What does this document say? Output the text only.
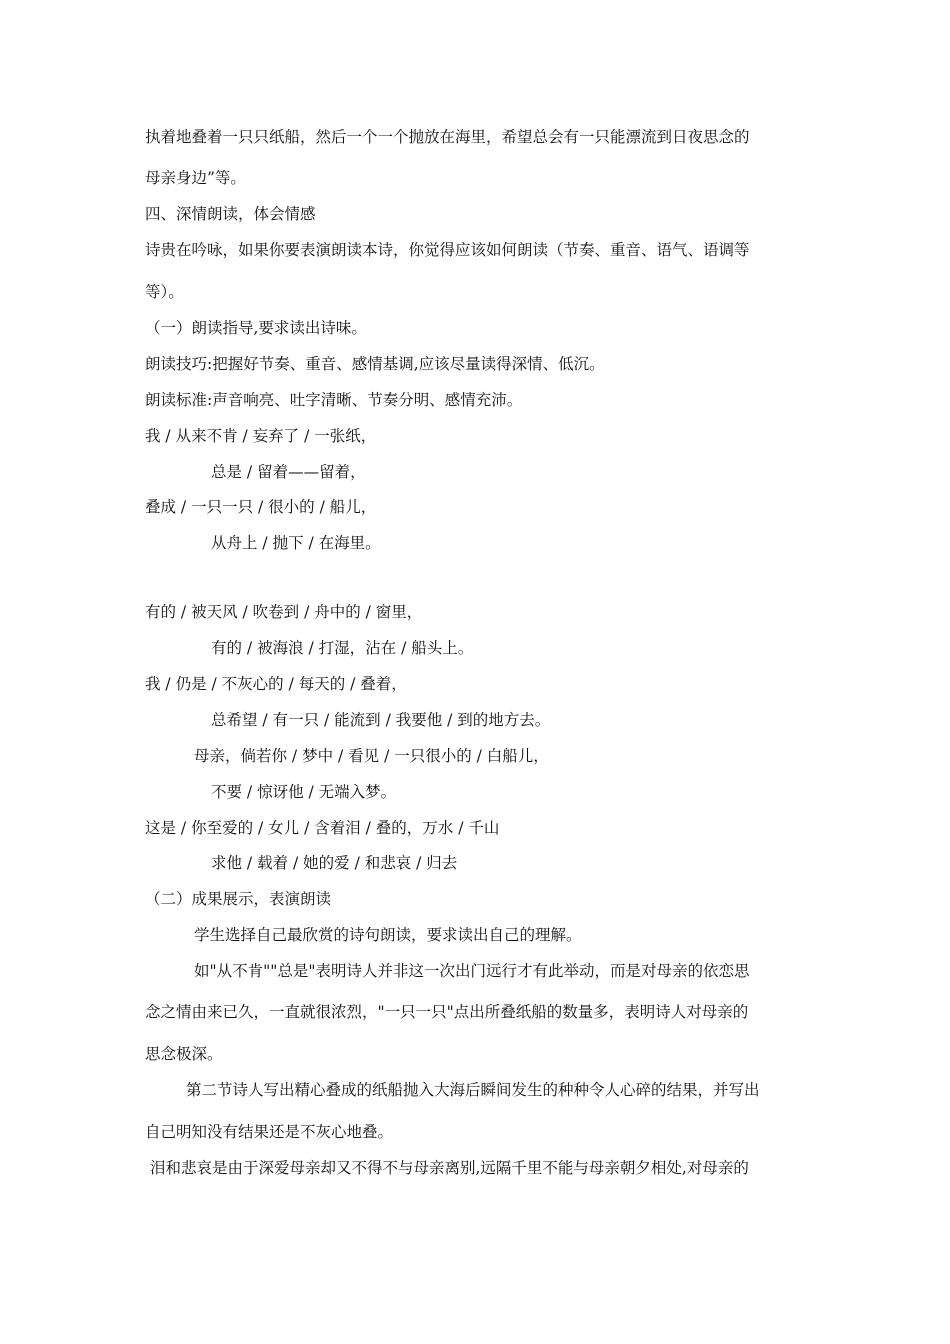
执着地叠着一只只纸船，然后一个一个抛放在海里，希望总会有一只能漂流到日夜思念的
母亲身边”等。
四、深情朗读，体会情感
诗贵在吟咏，如果你要表演朗读本诗，你觉得应该如何朗读（节奏、重音、语气、语调等
等）。
（一）朗读指导,要求读出诗味。
朗读技巧:把握好节奏、重音、感情基调,应该尽量读得深情、低沉。
朗读标准:声音响亮、吐字清晰、节奏分明、感情充沛。
我 / 从来不肯 / 妄弃了 / 一张纸，
总是 / 留着——留着，
叠成 / 一只一只 / 很小的 / 船儿，
从舟上 / 抛下 / 在海里。
有的 / 被天风 / 吹卷到 / 舟中的 / 窗里，
有的 / 被海浪 / 打湿，沾在 / 船头上。
我 / 仍是 / 不灰心的 / 每天的 / 叠着，
总希望 / 有一只 / 能流到 / 我要他 / 到的地方去。
母亲，倘若你 / 梦中 / 看见 / 一只很小的 / 白船儿，
不要 / 惊讶他 / 无端入梦。
这是 / 你至爱的 / 女儿 / 含着泪 / 叠的，万水 / 千山
求他 / 载着 / 她的爱 / 和悲哀 / 归去
（二）成果展示，表演朗读
学生选择自己最欣赏的诗句朗读，要求读出自己的理解。
如"从不肯""总是"表明诗人并非这一次出门远行才有此举动，而是对母亲的依恋思
念之情由来已久，一直就很浓烈，"一只一只"点出所叠纸船的数量多，表明诗人对母亲的
思念极深。
第二节诗人写出精心叠成的纸船抛入大海后瞬间发生的种种令人心碎的结果，并写出
自己明知没有结果还是不灰心地叠。
泪和悲哀是由于深爱母亲却又不得不与母亲离别,远隔千里不能与母亲朝夕相处,对母亲的
